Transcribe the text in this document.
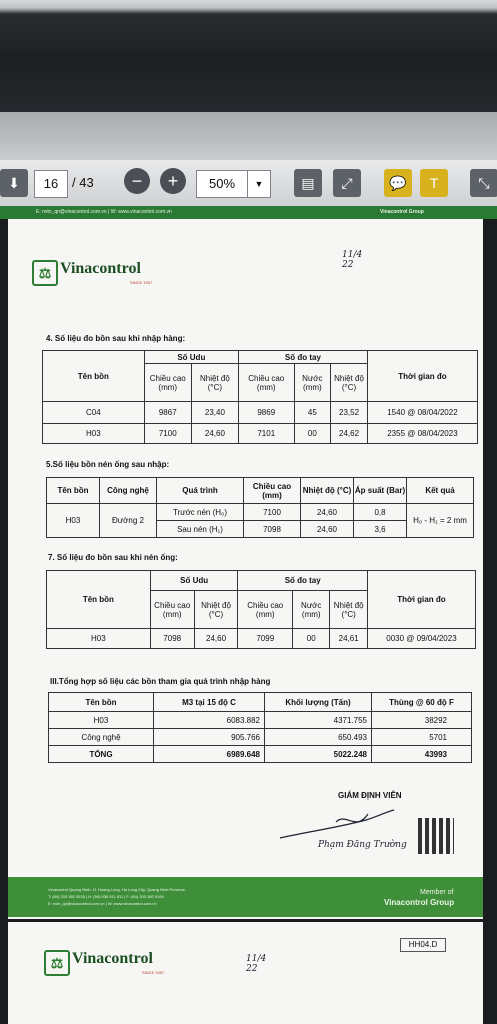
⬇	16	/ 43	−	+	50%	▼	▤	⤢	💬	T	⤡
E: nvtn_qn@vinacontrol.com.vn | W: www.vinacontrol.com.vn	Vinacontrol Group
⚖ Vinacontrol
SINCE 1957
11/4
22
4. Số liệu đo bồn sau khi nhập hàng:
Tên bồn	Số Udu		Số đo tay			Thời gian đo
	Chiều cao (mm)	Nhiệt độ (°C)	Chiều cao (mm)	Nước (mm)	Nhiệt độ (°C)	
C04	9867	23,40	9869	45	23,52	1540 @ 08/04/2022
H03	7100	24,60	7101	00	24,62	2355 @ 08/04/2023
5.Số liệu bồn nén ống sau nhập:
Tên bồn	Công nghệ	Quá trình	Chiều cao (mm)	Nhiệt độ (°C)	Áp suất (Bar)	Kết quả
H03	Đường 2	Trước nén (H₀)	7100	24,60	0,8	H₀ - H₁ = 2 mm
		Sau nén (H₁)	7098	24,60	3,6	
7. Số liệu đo bồn sau khi nén ống:
Tên bồn	Số Udu		Số đo tay			Thời gian đo
	Chiều cao (mm)	Nhiệt độ (°C)	Chiều cao (mm)	Nước (mm)	Nhiệt độ (°C)	
H03	7098	24,60	7099	00	24,61	0030 @ 09/04/2023
III.Tổng hợp số liệu các bồn tham gia quá trình nhập hàng
Tên bồn	M3 tại 15 độ C	Khối lượng (Tấn)	Thùng @ 60 độ F
H03	6083.882	4371.755	38292
Công nghệ	905.766	650.493	5701
TỔNG	6989.648	5022.248	43993
GIÁM ĐỊNH VIÊN
Phạm Đăng Trường
Vinacontrol Quang Ninh: 11 Hoang Long, Ha Long City, Quang Ninh Province
T: (84) 203 382 5535 | H: (84) 936 911 811 | F: (84) 203 382 6169
E: nvtn_qn@vinacontrol.com.vn | W: www.vinacontrol.com.vn
Member of
Vinacontrol Group
HH04.D
⚖ Vinacontrol
SINCE 1957
11/4
22
